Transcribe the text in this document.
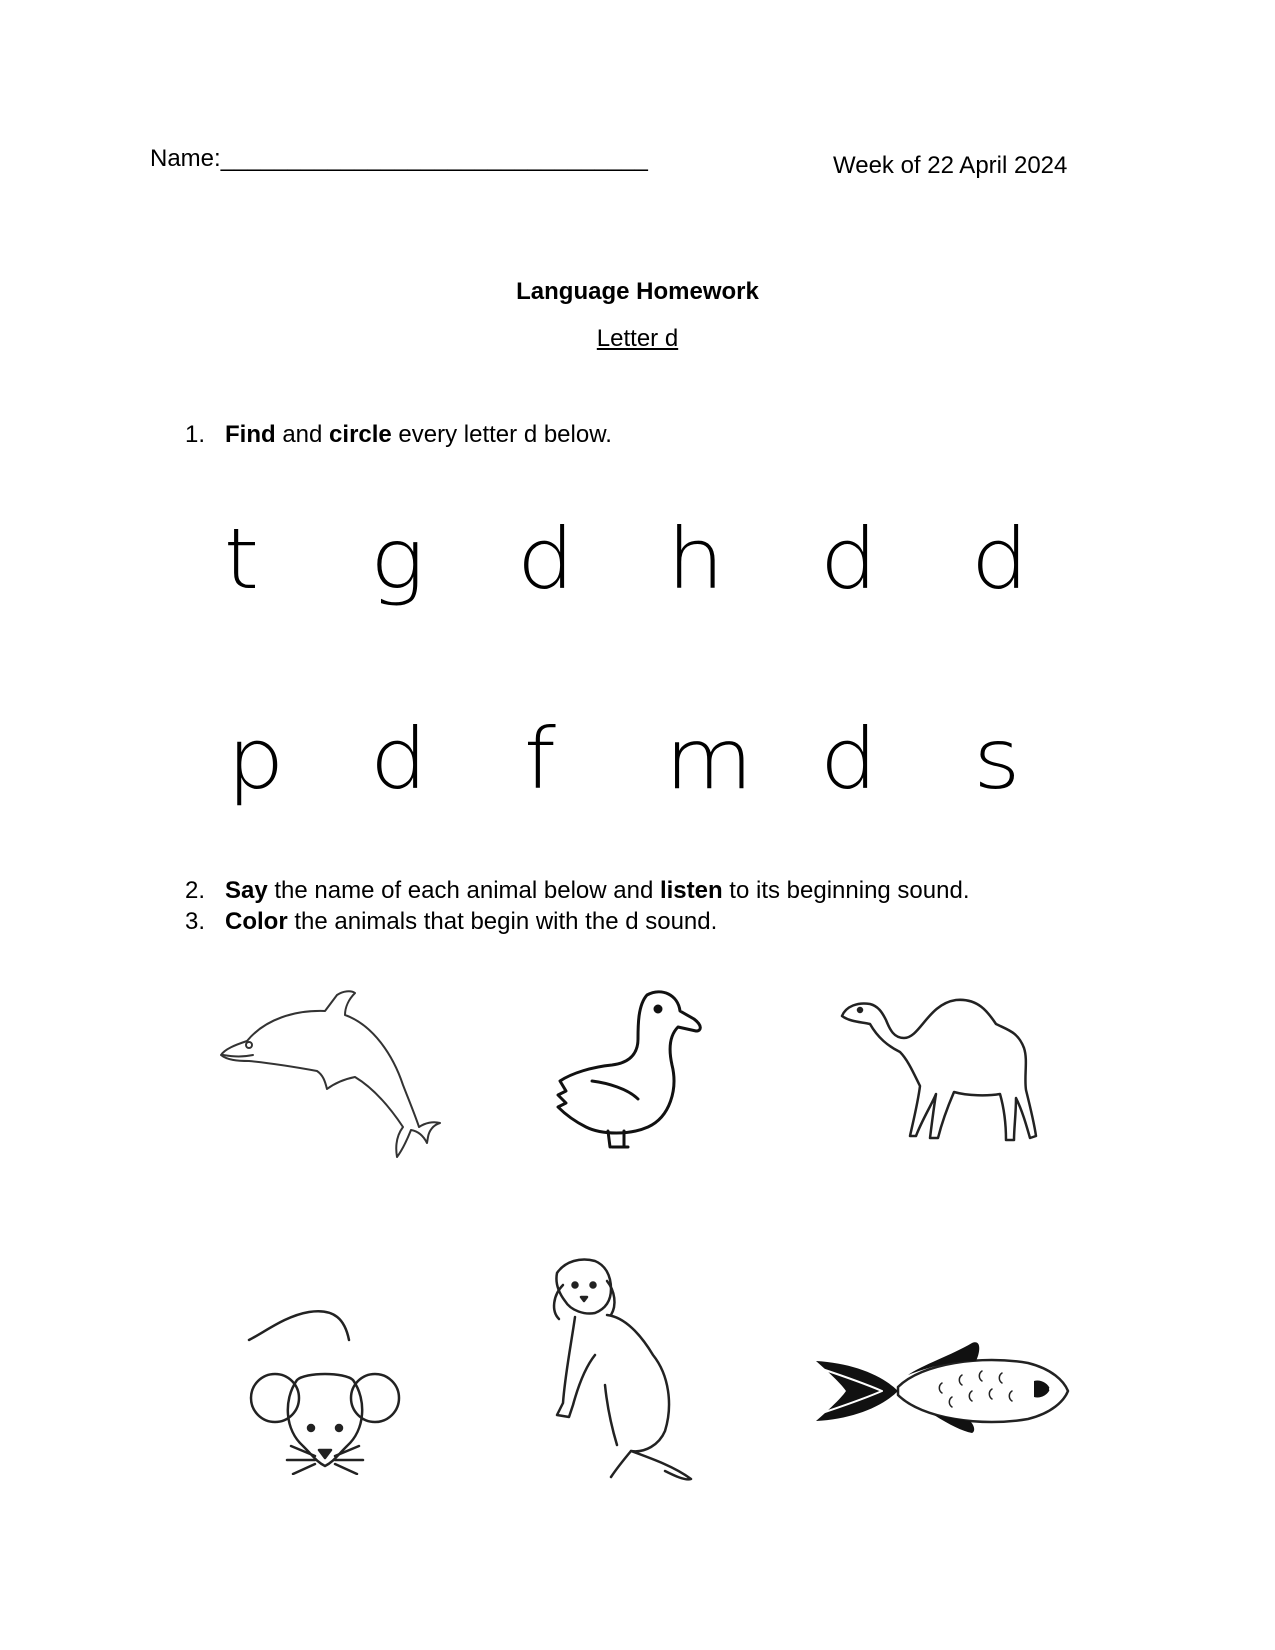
Name:________________________________	Week of 22 April 2024
Language Homework
Letter d
1. Find and circle every letter d below.
t g d h d d
p d f m d s
2. Say the name of each animal below and listen to its beginning sound.
3. Color the animals that begin with the d sound.
